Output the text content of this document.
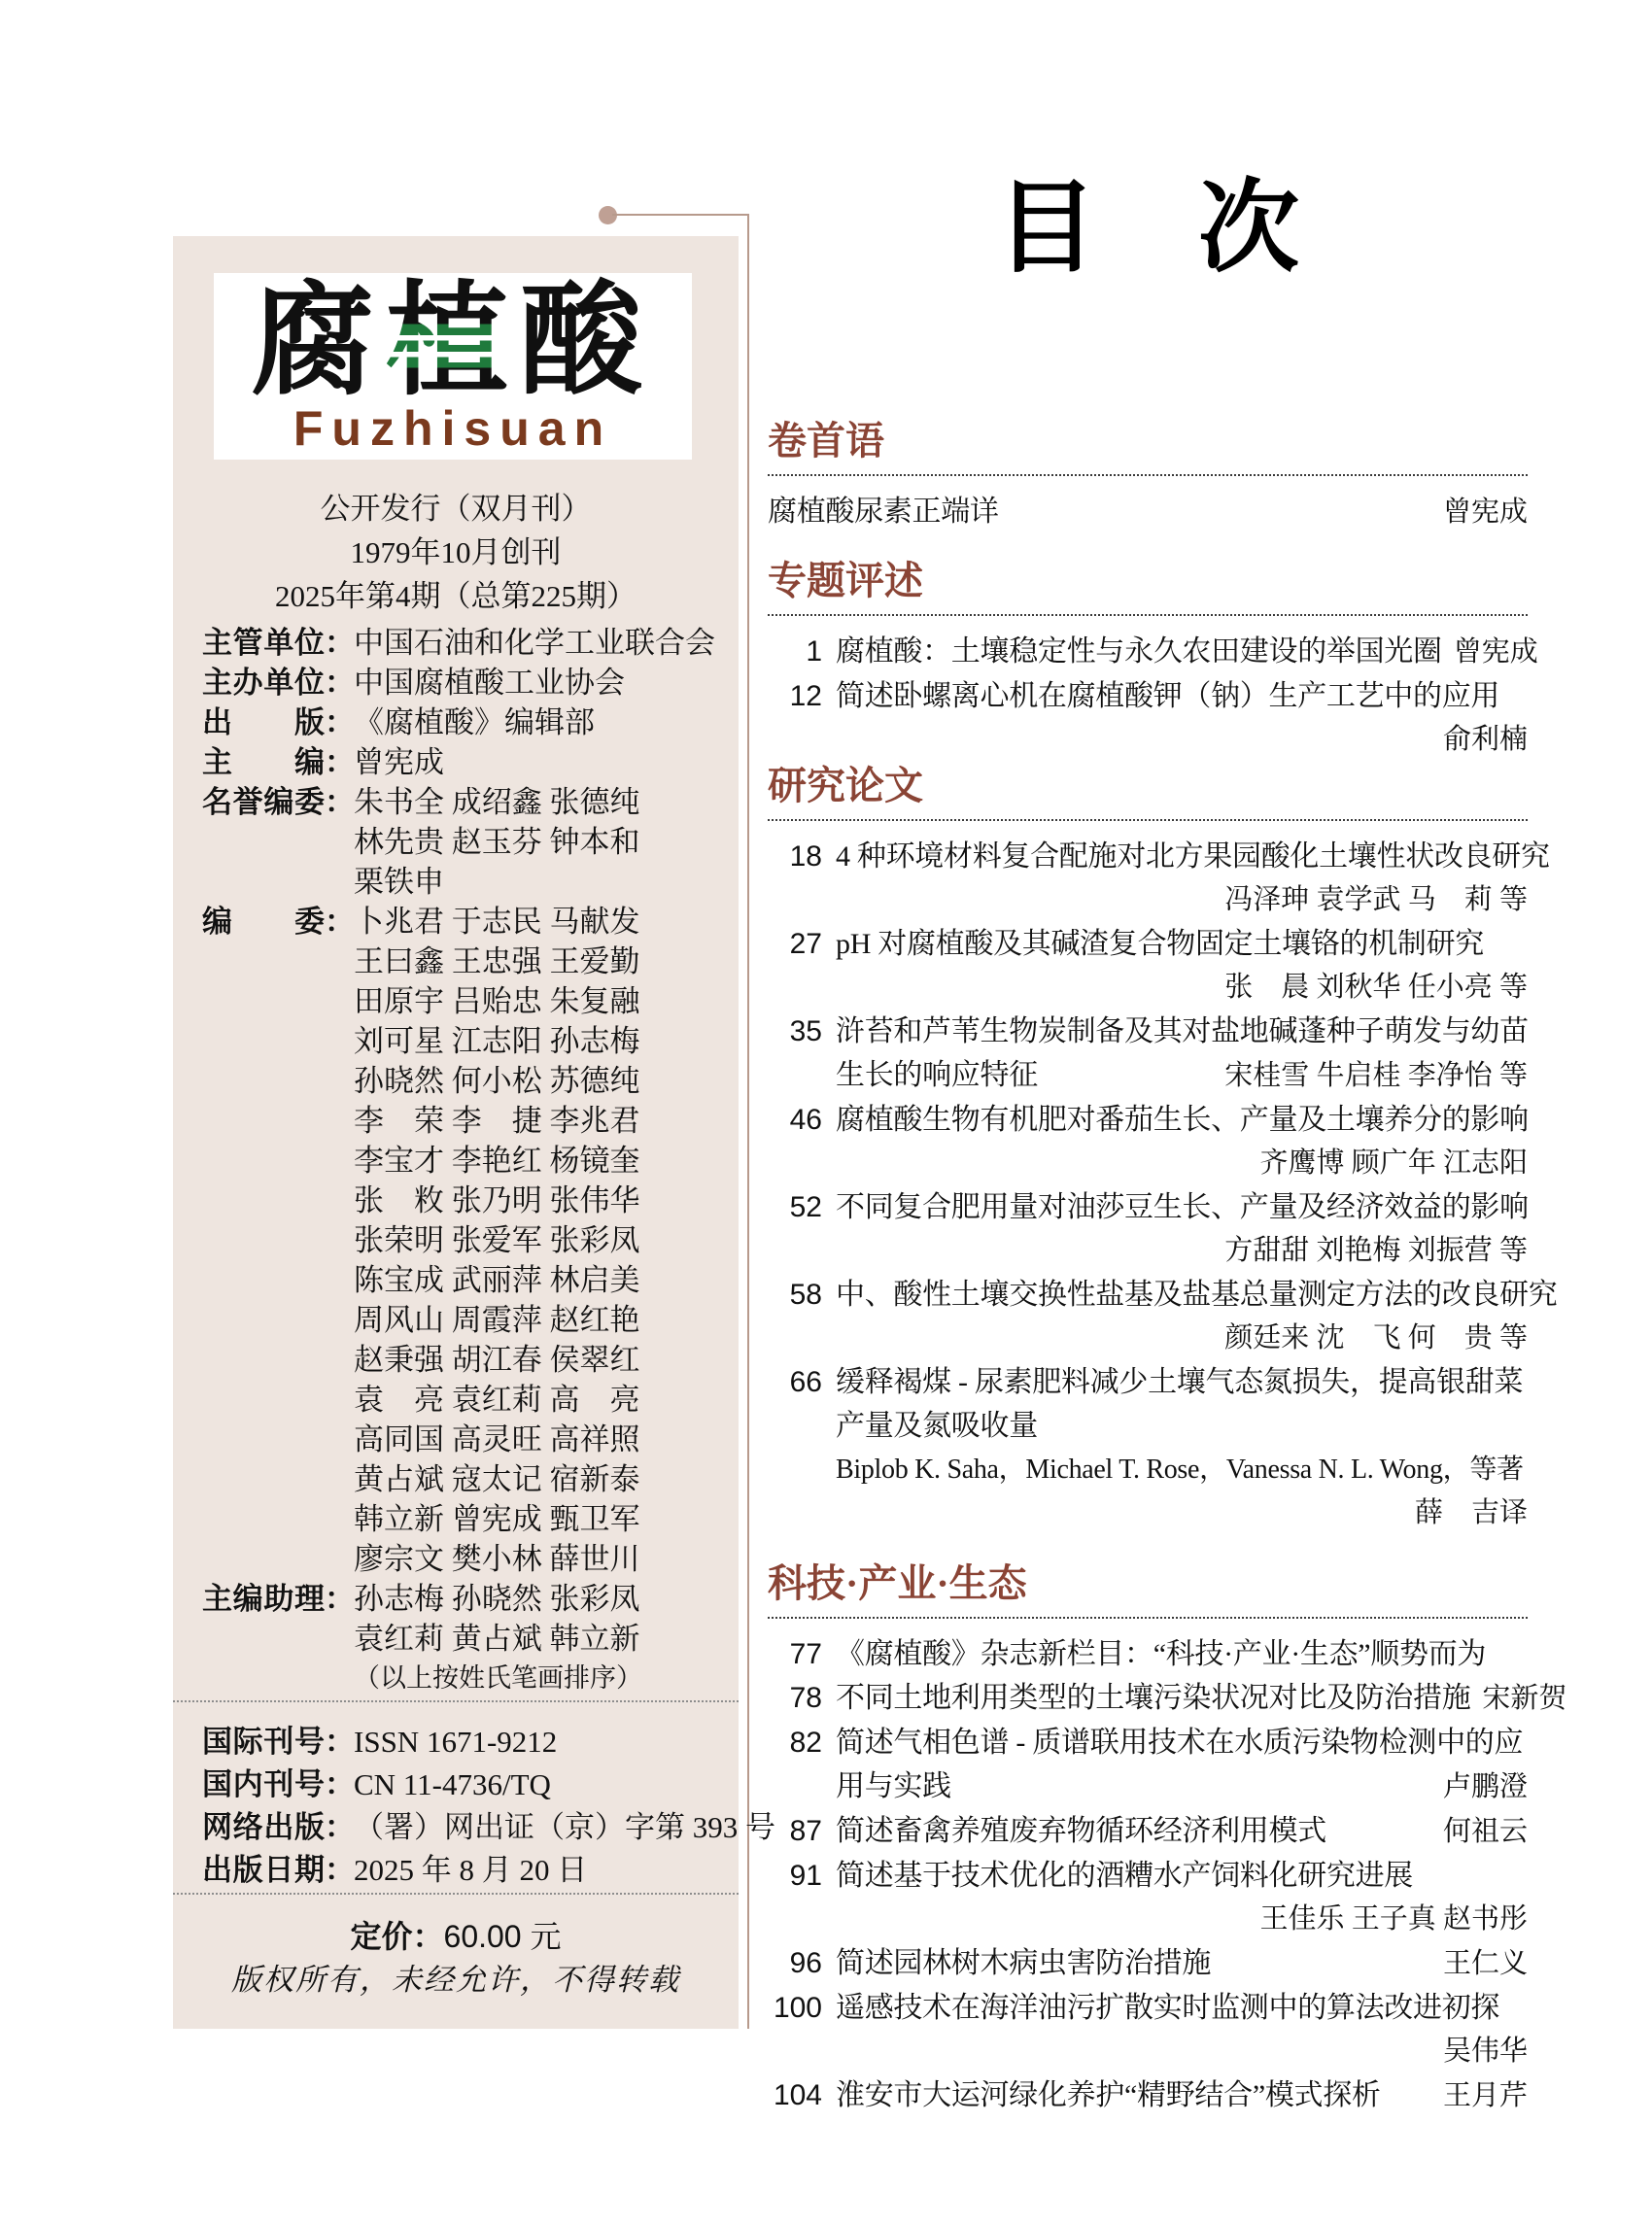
腐植酸
Fuzhisuan
公开发行（双月刊）
1979年10月创刊
2025年第4期（总第225期）
主管单位 ： 中国石油和化学工业联合会
主办单位 ： 中国腐植酸工业协会
出版 ： 《腐植酸》编辑部
主编 ： 曾宪成
名誉编委 ： 朱书全 成绍鑫 张德纯
林先贵 赵玉芬 钟本和
栗铁申
编委 ： 卜兆君 于志民 马献发
王曰鑫 王忠强 王爱勤
田原宇 吕贻忠 朱复融
刘可星 江志阳 孙志梅
孙晓然 何小松 苏德纯
李　荣 李　捷 李兆君
李宝才 李艳红 杨镜奎
张　敉 张乃明 张伟华
张荣明 张爱军 张彩凤
陈宝成 武丽萍 林启美
周风山 周霞萍 赵红艳
赵秉强 胡江春 侯翠红
袁　亮 袁红莉 高　亮
高同国 高灵旺 高祥照
黄占斌 寇太记 宿新泰
韩立新 曾宪成 甄卫军
廖宗文 樊小林 薛世川
主编助理 ： 孙志梅 孙晓然 张彩凤
袁红莉 黄占斌 韩立新
（以上按姓氏笔画排序）
国际刊号 ： ISSN 1671-9212
国内刊号 ： CN 11-4736/TQ
网络出版 ： （署）网出证（京）字第 393 号
出版日期 ： 2025 年 8 月 20 日
定价：60.00 元
版权所有，未经允许，不得转载
目　次
卷首语
腐植酸尿素正端详	曾宪成
专题评述
1 腐植酸：土壤稳定性与永久农田建设的举国光圈 曾宪成
12 简述卧螺离心机在腐植酸钾（钠）生产工艺中的应用
俞利楠
研究论文
18 4 种环境材料复合配施对北方果园酸化土壤性状改良研究
冯泽珅 袁学武 马　莉 等
27 pH 对腐植酸及其碱渣复合物固定土壤铬的机制研究
张　晨 刘秋华 任小亮 等
35 浒苔和芦苇生物炭制备及其对盐地碱蓬种子萌发与幼苗
生长的响应特征	宋桂雪 牛启桂 李净怡 等
46 腐植酸生物有机肥对番茄生长、产量及土壤养分的影响
齐鹰博 顾广年 江志阳
52 不同复合肥用量对油莎豆生长、产量及经济效益的影响
方甜甜 刘艳梅 刘振营 等
58 中、酸性土壤交换性盐基及盐基总量测定方法的改良研究
颜廷来 沈　飞 何　贵 等
66 缓释褐煤 - 尿素肥料减少土壤气态氮损失，提高银甜菜
产量及氮吸收量
Biplob K. Saha，Michael T. Rose，Vanessa N. L. Wong，等著
薛　吉译
科技·产业·生态
77 《腐植酸》杂志新栏目：“科技·产业·生态”顺势而为
78 不同土地利用类型的土壤污染状况对比及防治措施 宋新贺
82 简述气相色谱 - 质谱联用技术在水质污染物检测中的应
用与实践	卢鹏澄
87 简述畜禽养殖废弃物循环经济利用模式	何祖云
91 简述基于技术优化的酒糟水产饲料化研究进展
王佳乐 王子真 赵书彤
96 简述园林树木病虫害防治措施	王仁义
100 遥感技术在海洋油污扩散实时监测中的算法改进初探
吴伟华
104 淮安市大运河绿化养护“精野结合”模式探析	王月芹
